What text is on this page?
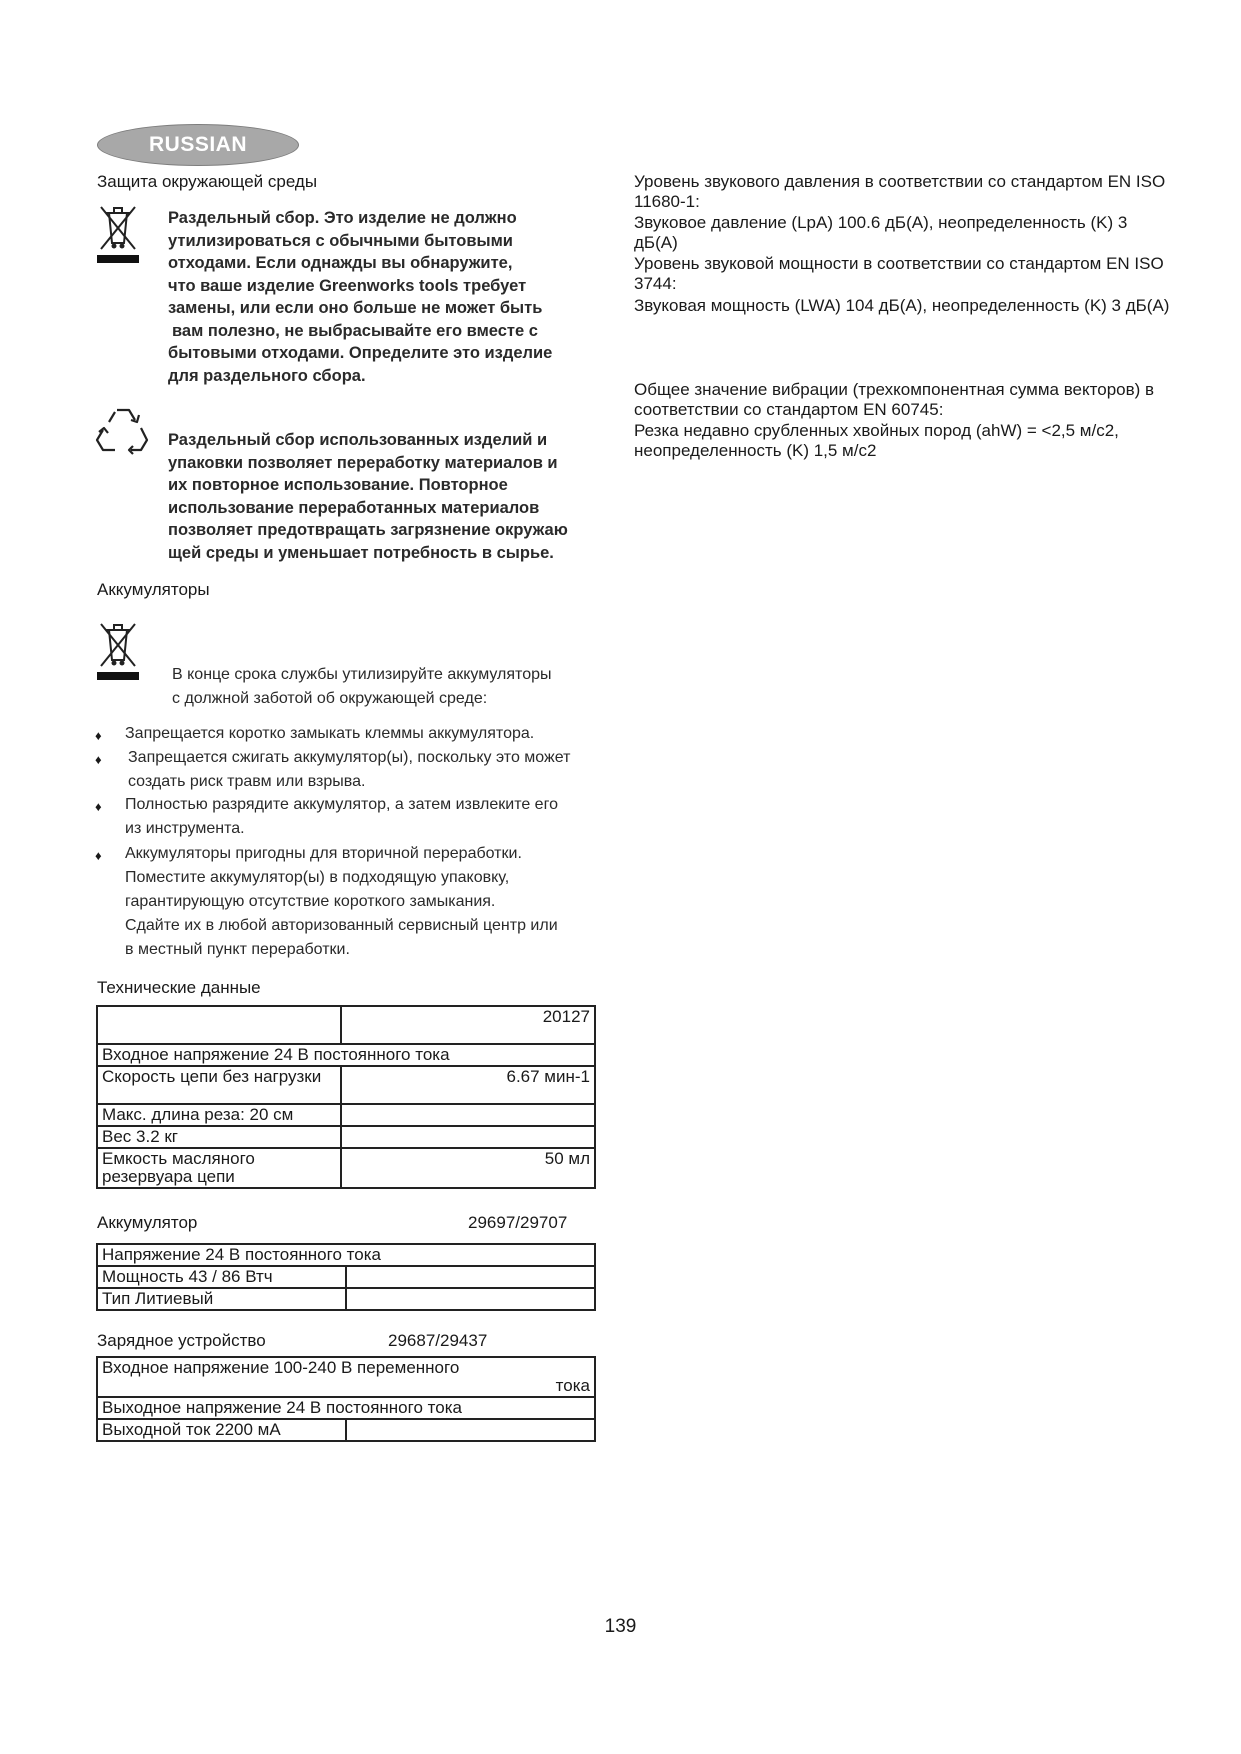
RUSSIAN
Защита окружающей среды
Раздельный сбор. Это изделие не должно
утилизироваться с обычными бытовыми
отходами. Если однажды вы обнаружите,
что ваше изделие Greenworks tools требует
замены, или если оно больше не может быть
вам полезно, не выбрасывайте его вместе с
бытовыми отходами. Определите это изделие
для раздельного сбора.
Раздельный сбор использованных изделий и
упаковки позволяет переработку материалов и
их повторное использование. Повторное
использование переработанных материалов
позволяет предотвращать загрязнение окружаю
щей среды и уменьшает потребность в сырье.
Аккумуляторы
В конце срока службы утилизируйте аккумуляторы
с должной заботой об окружающей среде:
♦ Запрещается коротко замыкать клеммы аккумулятора.
♦ Запрещается сжигать аккумулятор(ы), поскольку это может
создать риск травм или взрыва.
♦ Полностью разрядите аккумулятор, а затем извлеките его
из инструмента.
♦ Аккумуляторы пригодны для вторичной переработки.
Поместите аккумулятор(ы) в подходящую упаковку,
гарантирующую отсутствие короткого замыкания.
Сдайте их в любой авторизованный сервисный центр или
в местный пункт переработки.
Технические данные
	20127
Входное напряжение 24 В постоянного тока	
Скорость цепи без нагрузки	6.67 мин-1
Макс. длина реза: 20 см	
Вес 3.2 кг	
Емкость масляного резервуара цепи	50 мл
Аккумулятор	29697/29707
Напряжение 24 В постоянного тока	
Мощность 43 / 86 Втч	
Тип Литиевый	
Зарядное устройство	29687/29437
Входное напряжение 100-240 В переменного
тока

Выходное напряжение 24 В постоянного тока
Выходной ток 2200 мА	
Уровень звукового давления в соответствии со стандартом EN ISO 11680-1:
Звуковое давление (LpA) 100.6 дБ(А), неопределенность (K) 3 дБ(А)
Уровень звуковой мощности в соответствии со стандартом EN ISO 3744:
Звуковая мощность (LWA) 104 дБ(А), неопределенность (K) 3 дБ(А)
Общее значение вибрации (трехкомпонентная сумма векторов) в соответствии со стандартом EN 60745:
Резка недавно срубленных хвойных пород (ahW) = <2,5 м/с2, неопределенность (K) 1,5 м/с2
139
